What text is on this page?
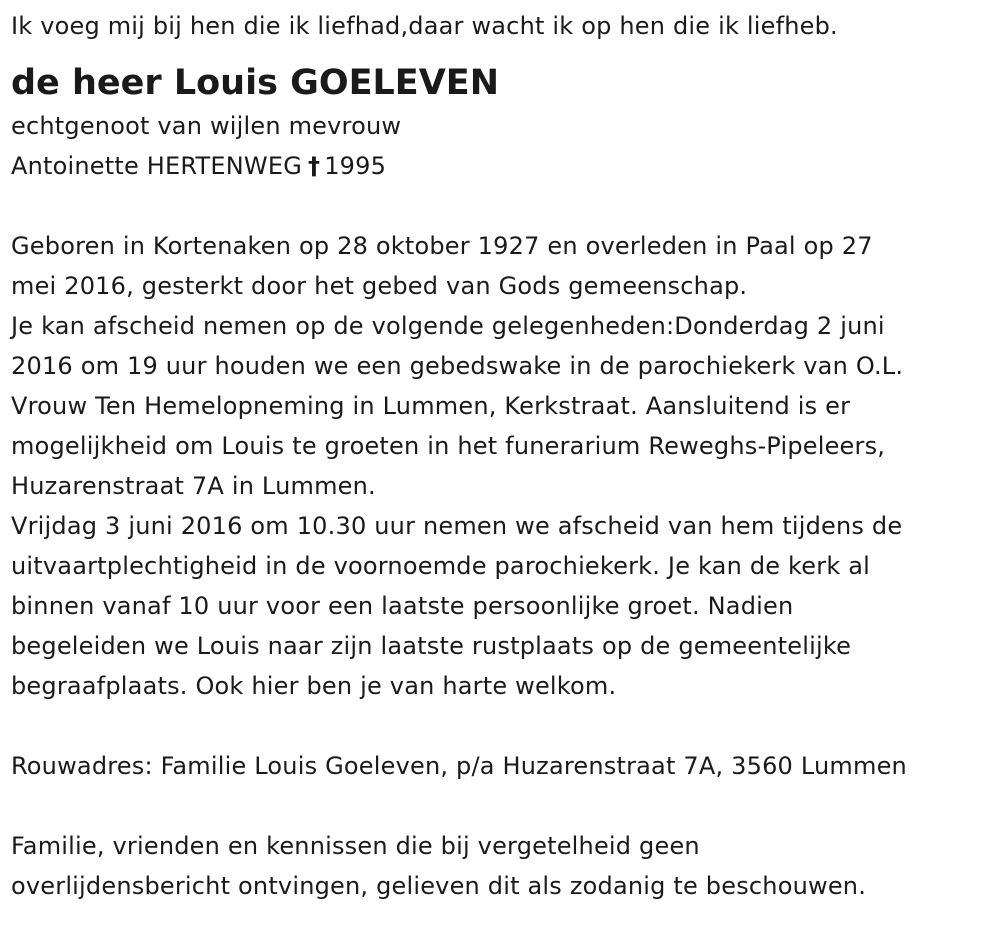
Ik voeg mij bij hen die ik liefhad,daar wacht ik op hen die ik liefheb.
de heer Louis GOELEVEN
echtgenoot van wijlen mevrouw
Antoinette HERTENWEG † 1995
Geboren in Kortenaken op 28 oktober 1927 en overleden in Paal op 27
mei 2016, gesterkt door het gebed van Gods gemeenschap.
Je kan afscheid nemen op de volgende gelegenheden:Donderdag 2 juni
2016 om 19 uur houden we een gebedswake in de parochiekerk van O.L.
Vrouw Ten Hemelopneming in Lummen, Kerkstraat. Aansluitend is er
mogelijkheid om Louis te groeten in het funerarium Reweghs-Pipeleers,
Huzarenstraat 7A in Lummen.
Vrijdag 3 juni 2016 om 10.30 uur nemen we afscheid van hem tijdens de
uitvaartplechtigheid in de voornoemde parochiekerk. Je kan de kerk al
binnen vanaf 10 uur voor een laatste persoonlijke groet. Nadien
begeleiden we Louis naar zijn laatste rustplaats op de gemeentelijke
begraafplaats. Ook hier ben je van harte welkom.
Rouwadres: Familie Louis Goeleven, p/a Huzarenstraat 7A, 3560 Lummen
Familie, vrienden en kennissen die bij vergetelheid geen
overlijdensbericht ontvingen, gelieven dit als zodanig te beschouwen.
